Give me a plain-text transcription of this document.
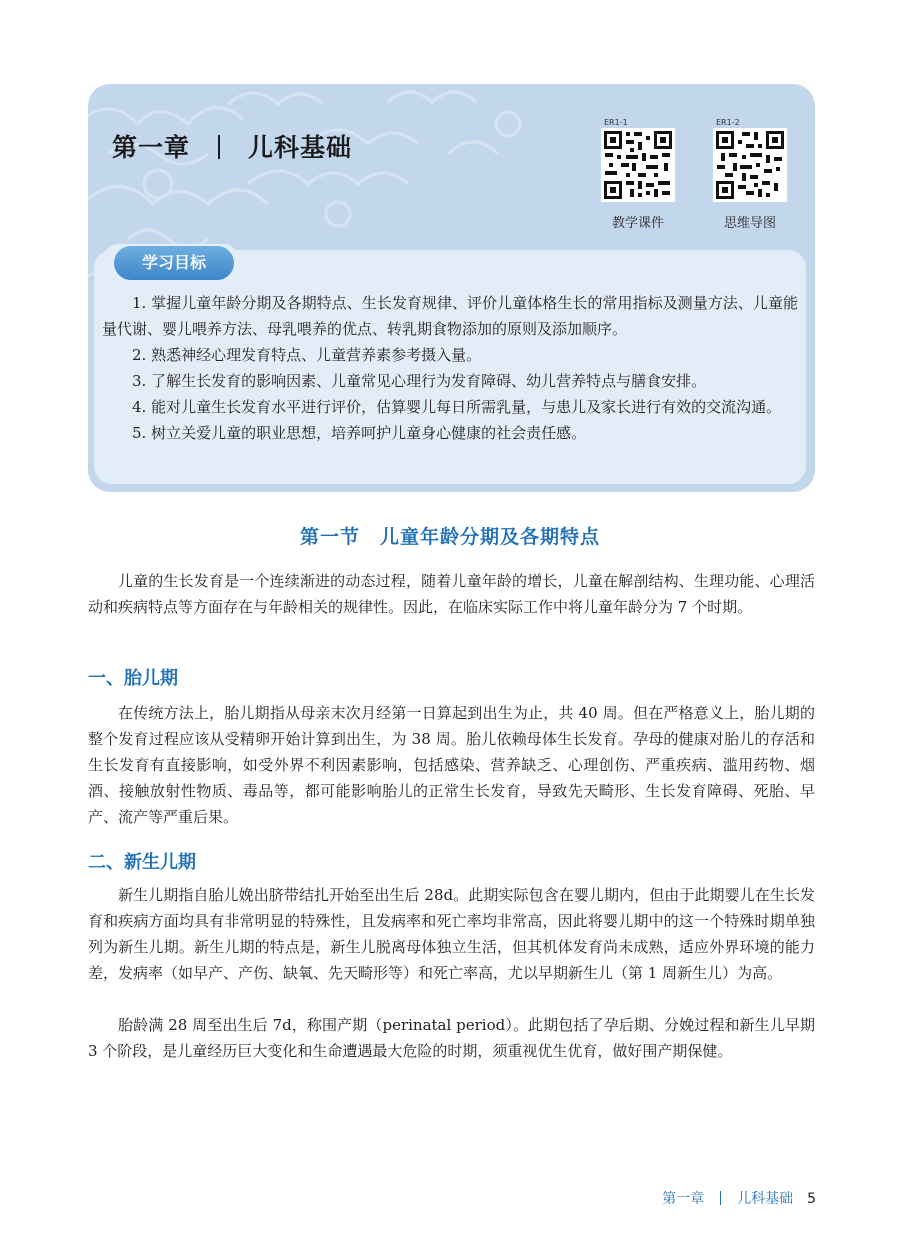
第一章 儿科基础
ER1-1
教学课件
ER1-2
思维导图
学习目标

1. 掌握儿童年龄分期及各期特点、生长发育规律、评价儿童体格生长的常用指标及测量方法、儿童能量代谢、婴儿喂养方法、母乳喂养的优点、转乳期食物添加的原则及添加顺序。

2. 熟悉神经心理发育特点、儿童营养素参考摄入量。

3. 了解生长发育的影响因素、儿童常见心理行为发育障碍、幼儿营养特点与膳食安排。

4. 能对儿童生长发育水平进行评价，估算婴儿每日所需乳量，与患儿及家长进行有效的交流沟通。

5. 树立关爱儿童的职业思想，培养呵护儿童身心健康的社会责任感。

第一节　儿童年龄分期及各期特点

儿童的生长发育是一个连续渐进的动态过程，随着儿童年龄的增长，儿童在解剖结构、生理功能、心理活动和疾病特点等方面存在与年龄相关的规律性。因此，在临床实际工作中将儿童年龄分为 7 个时期。

一、胎儿期

在传统方法上，胎儿期指从母亲末次月经第一日算起到出生为止，共 40 周。但在严格意义上，胎儿期的整个发育过程应该从受精卵开始计算到出生，为 38 周。胎儿依赖母体生长发育。孕母的健康对胎儿的存活和生长发育有直接影响，如受外界不利因素影响，包括感染、营养缺乏、心理创伤、严重疾病、滥用药物、烟酒、接触放射性物质、毒品等，都可能影响胎儿的正常生长发育，导致先天畸形、生长发育障碍、死胎、早产、流产等严重后果。

二、新生儿期

新生儿期指自胎儿娩出脐带结扎开始至出生后 28d。此期实际包含在婴儿期内，但由于此期婴儿在生长发育和疾病方面均具有非常明显的特殊性，且发病率和死亡率均非常高，因此将婴儿期中的这一个特殊时期单独列为新生儿期。新生儿期的特点是，新生儿脱离母体独立生活，但其机体发育尚未成熟，适应外界环境的能力差，发病率（如早产、产伤、缺氧、先天畸形等）和死亡率高，尤以早期新生儿（第 1 周新生儿）为高。

胎龄满 28 周至出生后 7d，称围产期（perinatal period）。此期包括了孕后期、分娩过程和新生儿早期 3 个阶段，是儿童经历巨大变化和生命遭遇最大危险的时期，须重视优生优育，做好围产期保健。

第一章 儿科基础 5
